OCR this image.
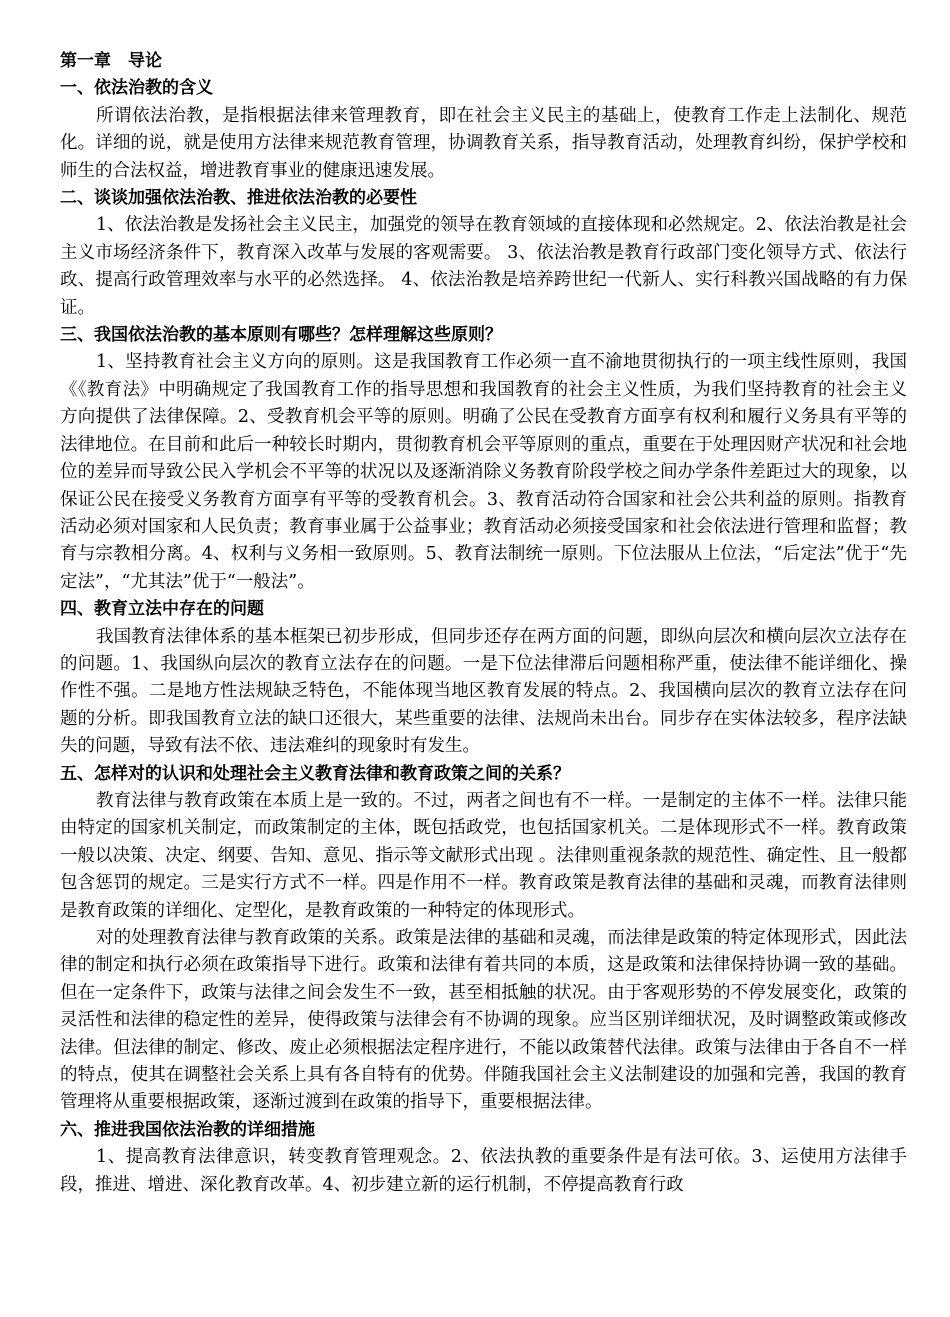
第一章　导论

一、依法治教的含义

所谓依法治教，是指根据法律来管理教育，即在社会主义民主的基础上，使教育工作走上法制化、规范化。详细的说，就是使用方法律来规范教育管理，协调教育关系，指导教育活动，处理教育纠纷，保护学校和师生的合法权益，增进教育事业的健康迅速发展。

二、谈谈加强依法治教、推进依法治教的必要性

1、依法治教是发扬社会主义民主，加强党的领导在教育领域的直接体现和必然规定。2、依法治教是社会主义市场经济条件下，教育深入改革与发展的客观需要。 3、依法治教是教育行政部门变化领导方式、依法行政、提高行政管理效率与水平的必然选择。 4、依法治教是培养跨世纪一代新人、实行科教兴国战略的有力保证。

三、我国依法治教的基本原则有哪些？怎样理解这些原则？

1、坚持教育社会主义方向的原则。这是我国教育工作必须一直不渝地贯彻执行的一项主线性原则，我国《《教育法》中明确规定了我国教育工作的指导思想和我国教育的社会主义性质，为我们坚持教育的社会主义方向提供了法律保障。2、受教育机会平等的原则。明确了公民在受教育方面享有权利和履行义务具有平等的法律地位。在目前和此后一种较长时期内，贯彻教育机会平等原则的重点，重要在于处理因财产状况和社会地位的差异而导致公民入学机会不平等的状况以及逐渐消除义务教育阶段学校之间办学条件差距过大的现象，以保证公民在接受义务教育方面享有平等的受教育机会。3、教育活动符合国家和社会公共利益的原则。指教育活动必须对国家和人民负责；教育事业属于公益事业；教育活动必须接受国家和社会依法进行管理和监督；教育与宗教相分离。4、权利与义务相一致原则。5、教育法制统一原则。下位法服从上位法，“后定法”优于“先定法”，“尤其法”优于“一般法”。

四、教育立法中存在的问题

我国教育法律体系的基本框架已初步形成，但同步还存在两方面的问题，即纵向层次和横向层次立法存在的问题。1、我国纵向层次的教育立法存在的问题。一是下位法律滞后问题相称严重，使法律不能详细化、操作性不强。二是地方性法规缺乏特色，不能体现当地区教育发展的特点。2、我国横向层次的教育立法存在问题的分析。即我国教育立法的缺口还很大，某些重要的法律、法规尚未出台。同步存在实体法较多，程序法缺失的问题，导致有法不依、违法难纠的现象时有发生。

五、怎样对的认识和处理社会主义教育法律和教育政策之间的关系？

教育法律与教育政策在本质上是一致的。不过，两者之间也有不一样。一是制定的主体不一样。法律只能由特定的国家机关制定，而政策制定的主体，既包括政党，也包括国家机关。二是体现形式不一样。教育政策一般以决策、决定、纲要、告知、意见、指示等文献形式出现 。法律则重视条款的规范性、确定性、且一般都包含惩罚的规定。三是实行方式不一样。四是作用不一样。教育政策是教育法律的基础和灵魂，而教育法律则是教育政策的详细化、定型化，是教育政策的一种特定的体现形式。

对的处理教育法律与教育政策的关系。政策是法律的基础和灵魂，而法律是政策的特定体现形式，因此法律的制定和执行必须在政策指导下进行。政策和法律有着共同的本质，这是政策和法律保持协调一致的基础。但在一定条件下，政策与法律之间会发生不一致，甚至相抵触的状况。由于客观形势的不停发展变化，政策的灵活性和法律的稳定性的差异，使得政策与法律会有不协调的现象。应当区别详细状况，及时调整政策或修改法律。但法律的制定、修改、废止必须根据法定程序进行，不能以政策替代法律。政策与法律由于各自不一样的特点，使其在调整社会关系上具有各自特有的优势。伴随我国社会主义法制建设的加强和完善，我国的教育管理将从重要根据政策，逐渐过渡到在政策的指导下，重要根据法律。

六、推进我国依法治教的详细措施

1、提高教育法律意识，转变教育管理观念。2、依法执教的重要条件是有法可依。3、运使用方法律手段，推进、增进、深化教育改革。4、初步建立新的运行机制，不停提高教育行政
